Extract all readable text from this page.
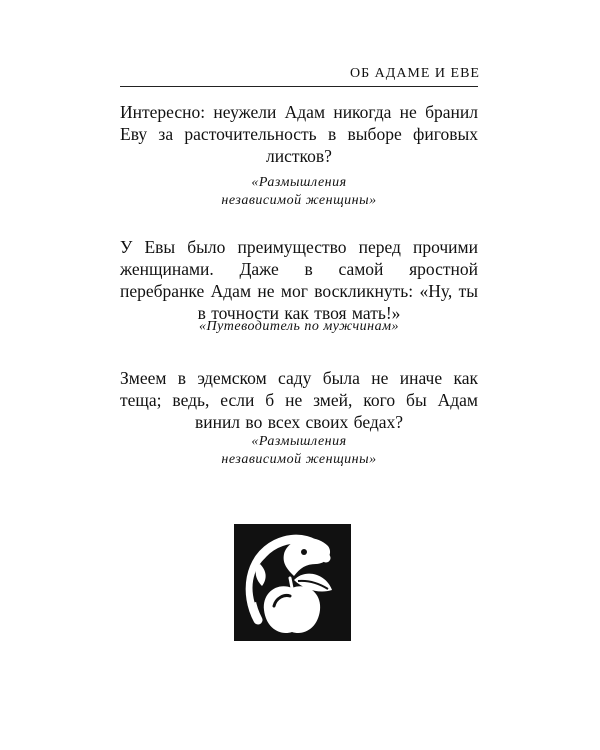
ОБ АДАМЕ И ЕВЕ
Интересно: неужели Адам никогда не бранил Еву за расточительность в выборе фиговых листков?
«Размышления
независимой женщины»
У Евы было преимущество перед прочими женщинами. Даже в самой яростной перебранке Адам не мог воскликнуть: «Ну, ты в точности как твоя мать!»
«Путеводитель по мужчинам»
Змеем в эдемском саду была не иначе как теща; ведь, если б не змей, кого бы Адам винил во всех своих бедах?
«Размышления
независимой женщины»
